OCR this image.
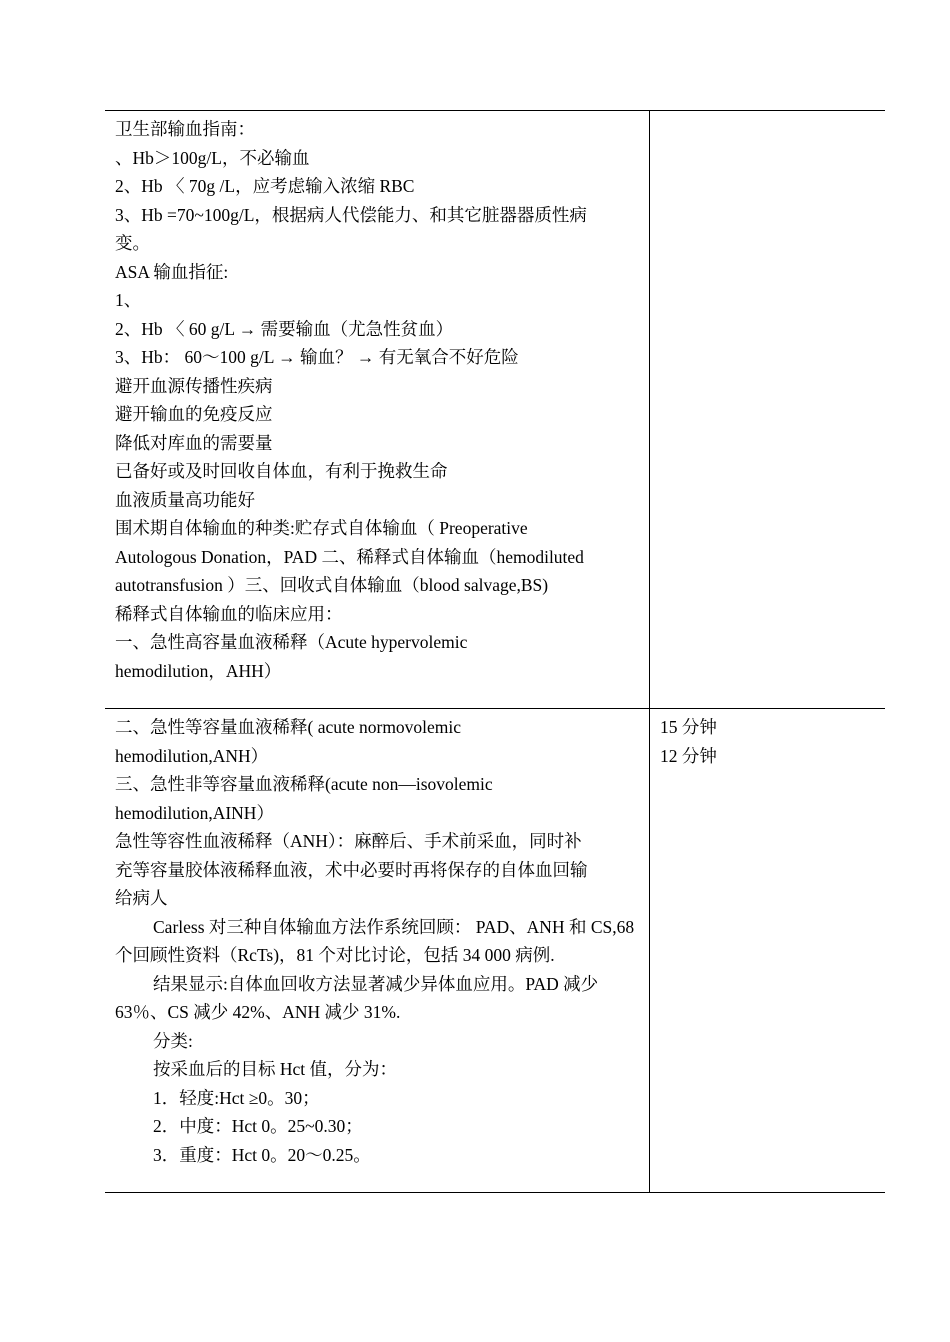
卫生部输血指南：
、Hb＞100g/L，不必输血
2、Hb 〈 70g /L，应考虑输入浓缩 RBC
3、Hb =70~100g/L，根据病人代偿能力、和其它脏器器质性病
变。
ASA 输血指征:
1、
2、Hb 〈 60 g/L → 需要输血（尤急性贫血）
3、Hb： 60～100 g/L → 输血？ → 有无氧合不好危险
避开血源传播性疾病
避开输血的免疫反应
降低对库血的需要量
已备好或及时回收自体血，有利于挽救生命
血液质量高功能好
围术期自体输血的种类:贮存式自体输血（ Preoperative
Autologous Donation，PAD 二、稀释式自体输血（hemodiluted
autotransfusion ）三、回收式自体输血（blood salvage,BS)
稀释式自体输血的临床应用：
一、急性高容量血液稀释（Acute hypervolemic
hemodilution，AHH）
二、急性等容量血液稀释( acute normovolemic
hemodilution,ANH）
三、急性非等容量血液稀释(acute non—isovolemic
hemodilution,AINH）
急性等容性血液稀释（ANH）：麻醉后、手术前采血，同时补
充等容量胶体液稀释血液，术中必要时再将保存的自体血回输
给病人
Carless 对三种自体输血方法作系统回顾： PAD、ANH 和 CS,68 个回顾性资料（RcTs)，81 个对比讨论，包括 34 000 病例.
结果显示:自体血回收方法显著减少异体血应用。PAD 减少 63％、CS 减少 42%、ANH 减少 31%.
分类:
按采血后的目标 Hct 值，分为：
1．轻度:Hct ≥0。30；
2．中度：Hct 0。25~0.30；
3．重度：Hct 0。20～0.25。
15 分钟
12 分钟
